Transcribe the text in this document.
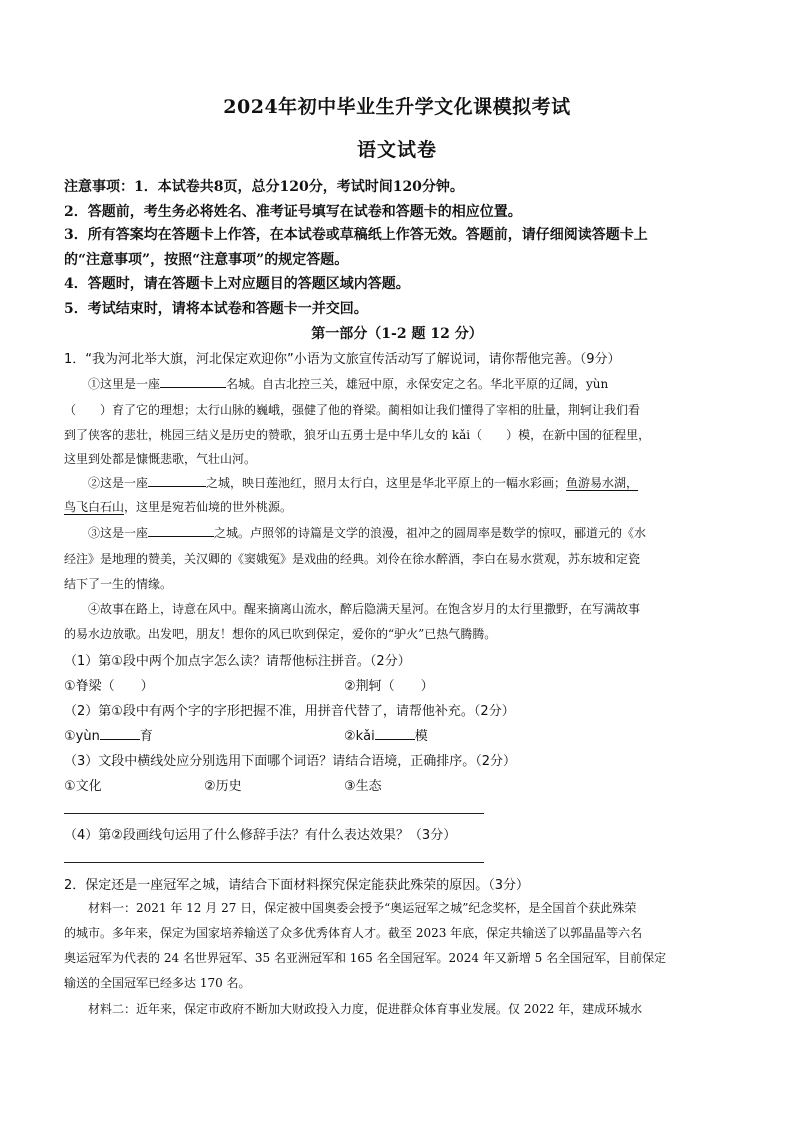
2024年初中毕业生升学文化课模拟考试
语文试卷
注意事项：1．本试卷共8页，总分120分，考试时间120分钟。
2．答题前，考生务必将姓名、准考证号填写在试卷和答题卡的相应位置。
3．所有答案均在答题卡上作答，在本试卷或草稿纸上作答无效。答题前，请仔细阅读答题卡上
的“注意事项”，按照“注意事项”的规定答题。
4．答题时，请在答题卡上对应题目的答题区域内答题。
5．考试结束时，请将本试卷和答题卡一并交回。
第一部分（1-2 题 12 分）
1．“我为河北举大旗，河北保定欢迎你”小语为文旅宣传活动写了解说词，请你帮他完善。（9分）
①这里是一座	名城。自古北控三关，雄冠中原，永保安定之名。华北平原的辽阔，yùn
（　　）育了它的理想；太行山脉的巍峨，强健了他的脊梁。蔺相如让我们懂得了宰相的肚量，荆轲让我们看
到了侠客的悲壮，桃园三结义是历史的赞歌，狼牙山五勇士是中华儿女的 kǎi（　　）模，在新中国的征程里，
这里到处都是慷慨悲歌，气壮山河。
②这是一座	之城，映日莲池红，照月太行白，这里是华北平原上的一幅水彩画；鱼游易水湖，
鸟飞白石山，这里是宛若仙境的世外桃源。
③这是一座	之城。卢照邻的诗篇是文学的浪漫，祖冲之的圆周率是数学的惊叹，郦道元的《水
经注》是地理的赞美，关汉卿的《窦娥冤》是戏曲的经典。刘伶在徐水醉酒，李白在易水赏观，苏东坡和定瓷
结下了一生的情缘。
④故事在路上，诗意在风中。醒来摘离山流水，醉后隐满天星河。在饱含岁月的太行里撒野，在写满故事
的易水边放歌。出发吧，朋友！想你的风已吹到保定，爱你的“驴火”已热气腾腾。
（1）第①段中两个加点字怎么读？请帮他标注拼音。（2分）
①脊梁（　　）	②荆轲（　　）
（2）第①段中有两个字的字形把握不准，用拼音代替了，请帮他补充。（2分）
①yùn	育	②kǎi	模
（3）文段中横线处应分别选用下面哪个词语？请结合语境，正确排序。（2分）
①文化	②历史	③生态
（4）第②段画线句运用了什么修辞手法？有什么表达效果？（3分）
2．保定还是一座冠军之城，请结合下面材料探究保定能获此殊荣的原因。（3分）
材料一：2021 年 12 月 27 日，保定被中国奥委会授予“奥运冠军之城”纪念奖杯，是全国首个获此殊荣
的城市。多年来，保定为国家培养输送了众多优秀体育人才。截至 2023 年底，保定共输送了以郭晶晶等六名
奥运冠军为代表的 24 名世界冠军、35 名亚洲冠军和 165 名全国冠军。2024 年又新增 5 名全国冠军，目前保定
输送的全国冠军已经多达 170 名。
材料二：近年来，保定市政府不断加大财政投入力度，促进群众体育事业发展。仅 2022 年，建成环城水
